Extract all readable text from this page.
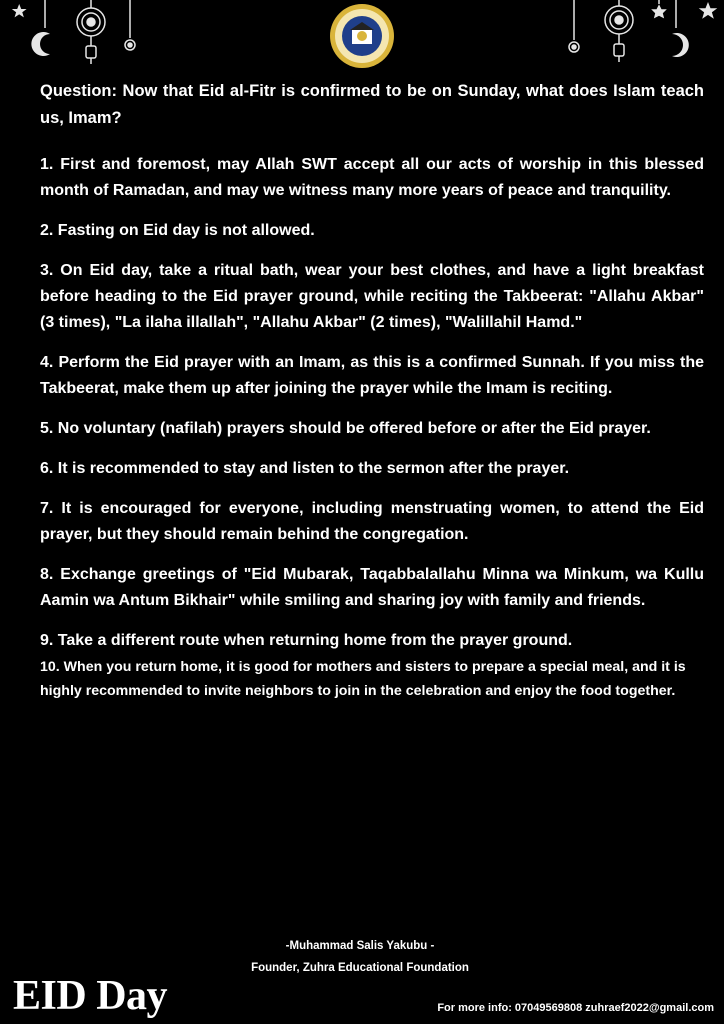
Question: Now that Eid al-Fitr is confirmed to be on Sunday, what does Islam teach us, Imam?

1. First and foremost, may Allah SWT accept all our acts of worship in this blessed month of Ramadan, and may we witness many more years of peace and tranquility.

2. Fasting on Eid day is not allowed.

3. On Eid day, take a ritual bath, wear your best clothes, and have a light breakfast before heading to the Eid prayer ground, while reciting the Takbeerat: "Allahu Akbar" (3 times), "La ilaha illallah", "Allahu Akbar" (2 times), "Walillahil Hamd."

4. Perform the Eid prayer with an Imam, as this is a confirmed Sunnah. If you miss the Takbeerat, make them up after joining the prayer while the Imam is reciting.

5. No voluntary (nafilah) prayers should be offered before or after the Eid prayer.

6. It is recommended to stay and listen to the sermon after the prayer.

7. It is encouraged for everyone, including menstruating women, to attend the Eid prayer, but they should remain behind the congregation.

8. Exchange greetings of "Eid Mubarak, Taqabbalallahu Minna wa Minkum, wa Kullu Aamin wa Antum Bikhair" while smiling and sharing joy with family and friends.

9. Take a different route when returning home from the prayer ground.

10. When you return home, it is good for mothers and sisters to prepare a special meal, and it is highly recommended to invite neighbors to join in the celebration and enjoy the food together.

-Muhammad Salis Yakubu -
Founder, Zuhra Educational Foundation
EID Day	For more info: 07049569808 zuhraef2022@gmail.com
